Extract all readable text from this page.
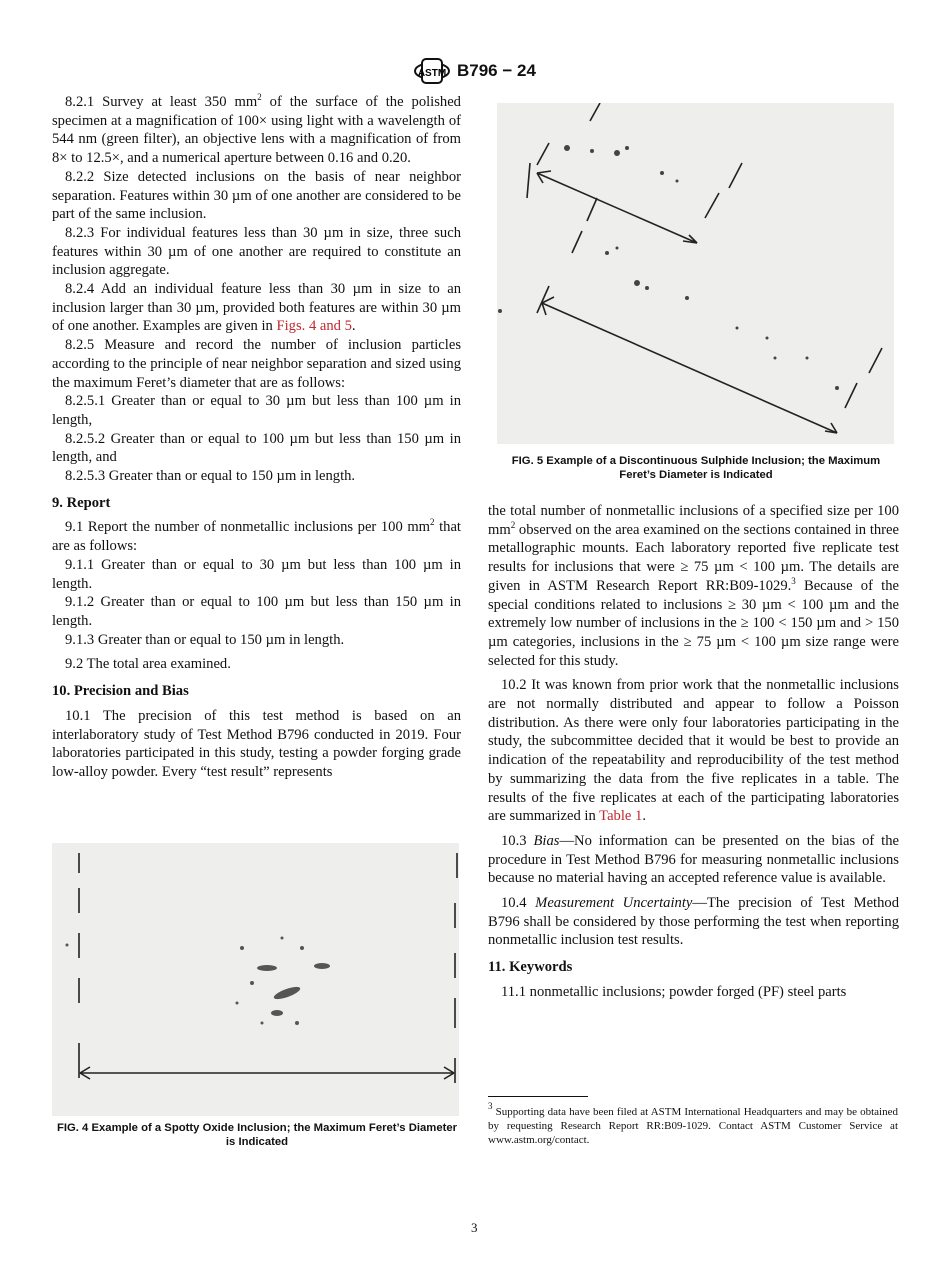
ASTM B796 − 24

8.2.1 Survey at least 350 $mm^2$ of the surface of the polished specimen at a magnification of 100× using light with a wavelength of 544 nm (green filter), an objective lens with a magnification of from 8× to 12.5×, and a numerical aperture between 0.16 and 0.20.

8.2.2 Size detected inclusions on the basis of near neighbor separation. Features within 30 µm of one another are considered to be part of the same inclusion.

8.2.3 For individual features less than 30 µm in size, three such features within 30 µm of one another are required to constitute an inclusion aggregate.

8.2.4 Add an individual feature less than 30 µm in size to an inclusion larger than 30 µm, provided both features are within 30 µm of one another. Examples are given in Figs. 4 and 5.

8.2.5 Measure and record the number of inclusion particles according to the principle of near neighbor separation and sized using the maximum Feret’s diameter that are as follows:

8.2.5.1 Greater than or equal to 30 µm but less than 100 µm in length,

8.2.5.2 Greater than or equal to 100 µm but less than 150 µm in length, and

8.2.5.3 Greater than or equal to 150 µm in length.

9. Report

9.1 Report the number of nonmetallic inclusions per 100 $mm^2$ that are as follows:

9.1.1 Greater than or equal to 30 µm but less than 100 µm in length.

9.1.2 Greater than or equal to 100 µm but less than 150 µm in length.

9.1.3 Greater than or equal to 150 µm in length.

9.2 The total area examined.

10. Precision and Bias

10.1 The precision of this test method is based on an interlaboratory study of Test Method B796 conducted in 2019. Four laboratories participated in this study, testing a powder forging grade low-alloy powder. Every “test result” represents

the total number of nonmetallic inclusions of a specified size per 100 $mm^2$ observed on the area examined on the sections contained in three metallographic mounts. Each laboratory reported five replicate test results for inclusions that were ≥ 75 µm < 100 µm. The details are given in ASTM Research Report RR:B09-1029.$^3$ Because of the special conditions related to inclusions ≥ 30 µm < 100 µm and the extremely low number of inclusions in the ≥ 100 < 150 µm and > 150 µm categories, inclusions in the ≥ 75 µm < 100 µm size range were selected for this study.

10.2 It was known from prior work that the nonmetallic inclusions are not normally distributed and appear to follow a Poisson distribution. As there were only four laboratories participating in the study, the subcommittee decided that it would be best to provide an indication of the repeatability and reproducibility of the test method by summarizing the data from the five replicates in a table. The results of the five replicates at each of the participating laboratories are summarized in Table 1.

10.3 Bias—No information can be presented on the bias of the procedure in Test Method B796 for measuring nonmetallic inclusions because no material having an accepted reference value is available.

10.4 Measurement Uncertainty—The precision of Test Method B796 shall be considered by those performing the test when reporting nonmetallic inclusion test results.

11. Keywords

11.1 nonmetallic inclusions; powder forged (PF) steel parts

FIG. 5 Example of a Discontinuous Sulphide Inclusion; the Maximum Feret’s Diameter is Indicated
FIG. 4 Example of a Spotty Oxide Inclusion; the Maximum Feret’s Diameter is Indicated
$^3$ Supporting data have been filed at ASTM International Headquarters and may be obtained by requesting Research Report RR:B09-1029. Contact ASTM Customer Service at www.astm.org/contact.
3
